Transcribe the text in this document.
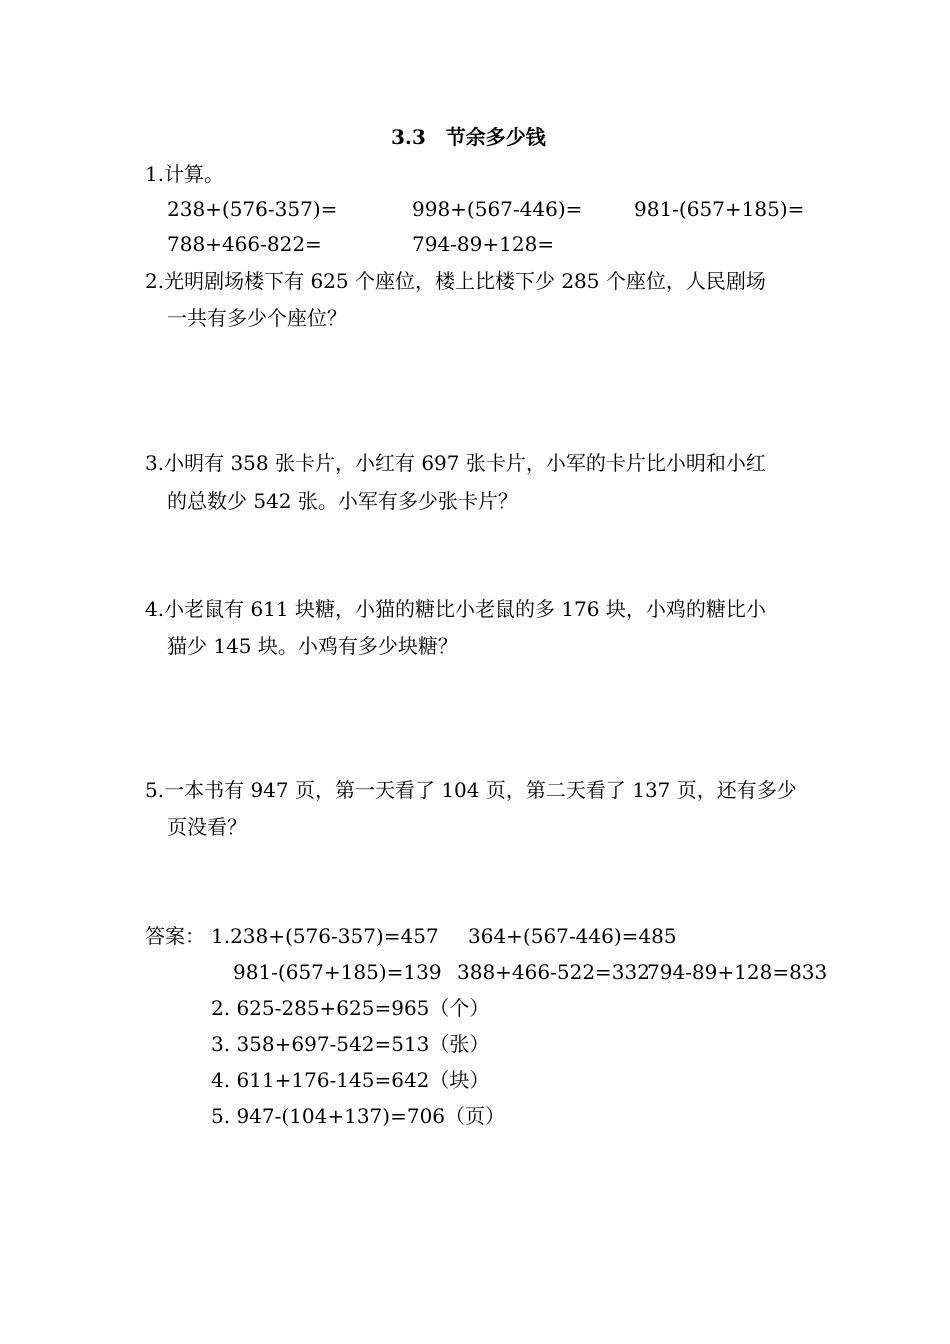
3.3　节余多少钱
1.计算。
238+(576-357)=	998+(567-446)=	981-(657+185)=
788+466-822=	794-89+128=
2.光明剧场楼下有 625 个座位，楼上比楼下少 285 个座位，人民剧场
一共有多少个座位？
3.小明有 358 张卡片，小红有 697 张卡片，小军的卡片比小明和小红
的总数少 542 张。小军有多少张卡片？
4.小老鼠有 611 块糖，小猫的糖比小老鼠的多 176 块，小鸡的糖比小
猫少 145 块。小鸡有多少块糖？
5.一本书有 947 页，第一天看了 104 页，第二天看了 137 页，还有多少
页没看？
答案： 1.238+(576-357)=457 364+(567-446)=485
981-(657+185)=139 388+466-522=332
794-89+128=833
2. 625-285+625=965（个）
3. 358+697-542=513（张）
4. 611+176-145=642（块）
5. 947-(104+137)=706（页）
